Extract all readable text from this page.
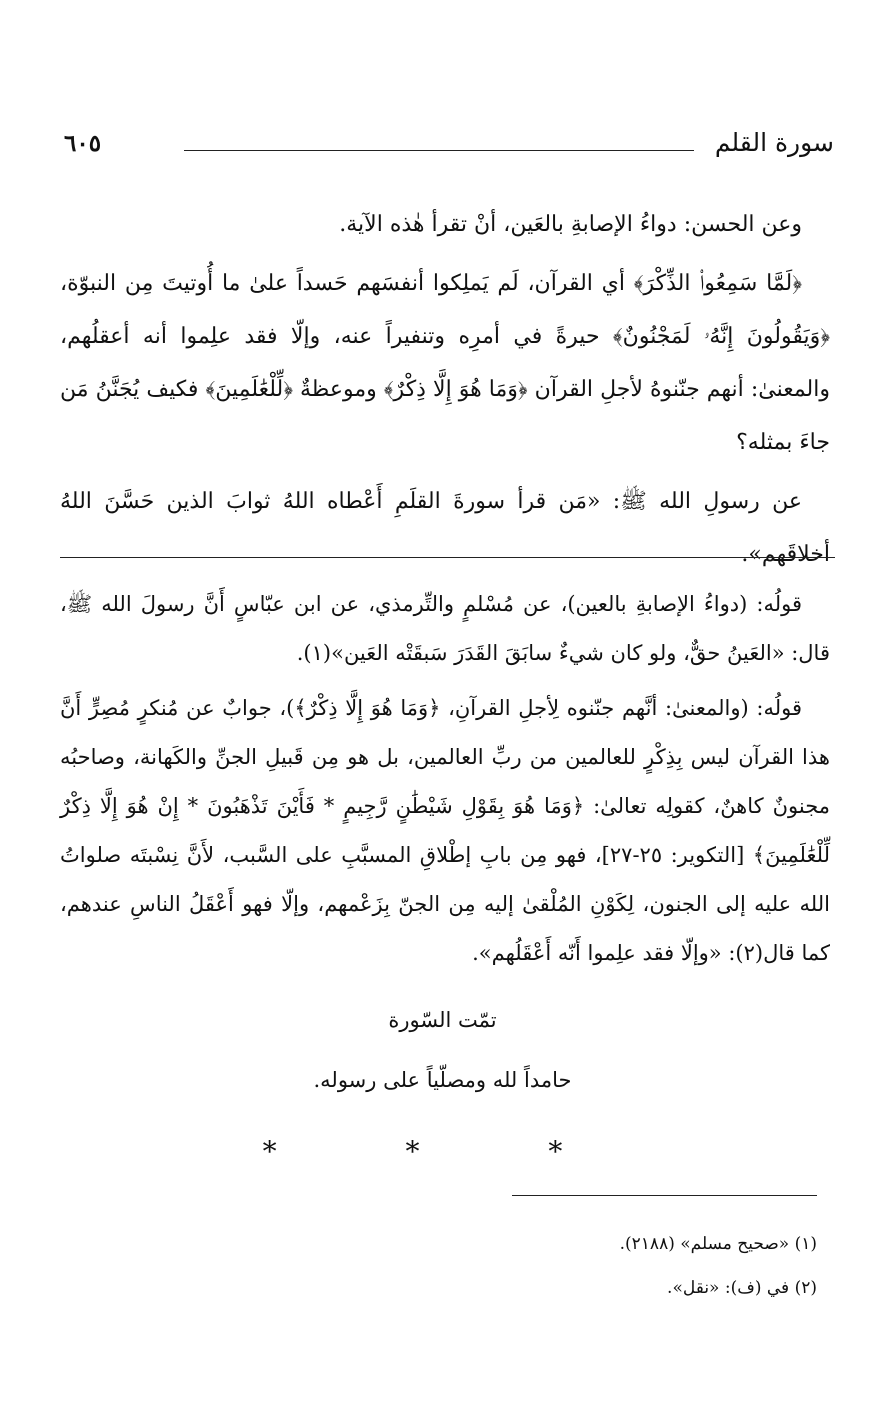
سورة القلم
٦٠٥

وعن الحسن: دواءُ الإصابةِ بالعَين، أنْ تقرأ هٰذه الآية.

﴿لَمَّا سَمِعُوا۟ الذِّكْرَ﴾ أي القرآن، لَم يَملِكوا أنفسَهم حَسداً علىٰ ما أُوتيتَ مِن النبوّة، ﴿وَيَقُولُونَ إِنَّهُۥ لَمَجْنُونٌ﴾ حيرةً في أمرِه وتنفيراً عنه، وإلّا فقد علِموا أنه أعقلُهم، والمعنىٰ: أنهم جنّنوهُ لأجلِ القرآن ﴿وَمَا هُوَ إِلَّا ذِكْرٌ﴾ وموعظةٌ ﴿لِّلْعَٰلَمِينَ﴾ فكيف يُجَنَّنُ مَن جاءَ بمثله؟

عن رسولِ الله ﷺ: «مَن قرأ سورةَ القلَمِ أَعْطاه اللهُ ثوابَ الذين حَسَّنَ اللهُ أخلاقَهم».

قولُه: (دواءُ الإصابةِ بالعين)، عن مُسْلمٍ والتِّرمذي، عن ابن عبّاسٍ أَنَّ رسولَ الله ﷺ، قال: «العَينُ حقٌّ، ولو كان شيءٌ سابَقَ القَدَرَ سَبقَتْه العَين»(١).

قولُه: (والمعنىٰ: أنَّهم جنّنوه لِأجلِ القرآنِ، ﴿وَمَا هُوَ إِلَّا ذِكْرٌ﴾)، جوابٌ عن مُنكرٍ مُصِرٍّ أَنَّ هذا القرآن ليس بِذِكْرٍ للعالمين من ربِّ العالمين، بل هو مِن قَبيلِ الجنِّ والكَهانة، وصاحبُه مجنونٌ كاهنٌ، كقولِه تعالىٰ: ﴿وَمَا هُوَ بِقَوْلِ شَيْطَٰنٍ رَّجِيمٍ * فَأَيْنَ تَذْهَبُونَ * إِنْ هُوَ إِلَّا ذِكْرٌ لِّلْعَٰلَمِينَ﴾ [التكوير: ٢٥-٢٧]، فهو مِن بابِ إطْلاقِ المسبَّبِ على السَّبب، لأَنَّ نِسْبتَه صلواتُ الله عليه إلى الجنون، لِكَوْنِ المُلْقىٰ إليه مِن الجنّ بِزَعْمهم، وإلّا فهو أَعْقَلُ الناسِ عندهم، كما قال(٢): «وإلّا فقد علِموا أَنّه أَعْقَلُهم».

تمّت السّورة
حامداً لله ومصلّياً على رسوله.
* * *
(١) «صحيح مسلم» (٢١٨٨).
(٢) في (ف): «نقل».
